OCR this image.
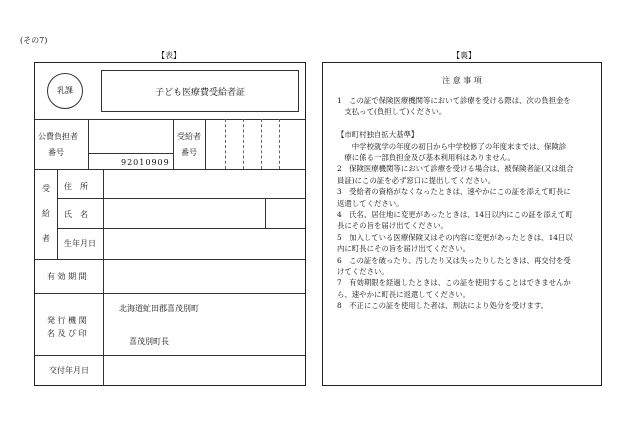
(その7)
【表】	【裏】
乳課	子ども医療費受給者証
公費負担者
番号
受給者
番号
92010909
受
給
者
住　所
氏　名
生年月日
有 効 期 間
発 行 機 関
名 及 び 印
北海道虻田郡喜茂別町
喜茂別町長
交付年月日
注 意 事 項

1　この証で保険医療機関等において診療を受ける際は、次の負担金を

　支払って(負担して)ください。

【市町村独自拡大基準】

　　中学校就学の年度の初日から中学校修了の年度末までは、保険診

　療に係る一部負担金及び基本利用料はありません。

2　保険医療機関等において診療を受ける場合は、被保険者証(又は組合

員証)にこの証を必ず窓口に提出してください。

3　受給者の資格がなくなったときは、速やかにこの証を添えて町長に

返還してください。

4　氏名、居住地に変更があったときは、14日以内にこの証を添えて町

長にその旨を届け出てください。

5　加入している医療保険又はその内容に変更があったときは、14日以

内に町長にその旨を届け出てください。

6　この証を破ったり、汚したり又は失ったりしたときは、再交付を受

けてください。

7　有効期限を経過したときは、この証を使用することはできませんか

ら、速やかに町長に返還してください。

8　不正にこの証を使用した者は、刑法により処分を受けます。
